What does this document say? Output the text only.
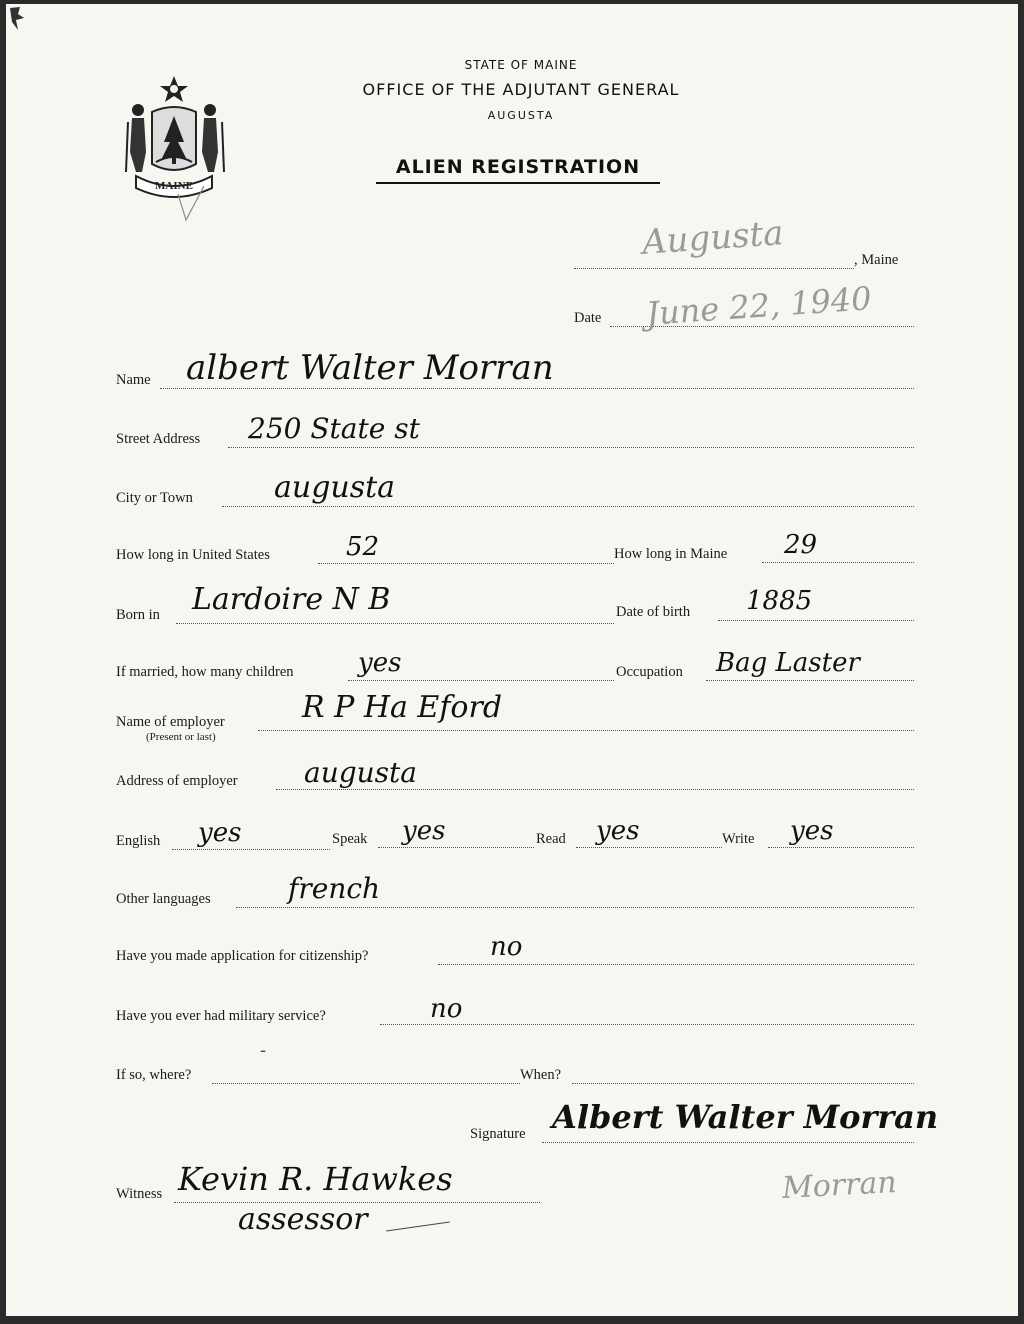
MAINE
STATE OF MAINE
OFFICE OF THE ADJUTANT GENERAL
AUGUSTA
ALIEN REGISTRATION
Augusta	, Maine
Date June 22, 1940
Name albert Walter Morran
Street Address 250 State st
City or Town	augusta
How long in United States	52	How long in Maine 29
Born in Lardoire N B	Date of birth 1885
If married, how many children yes	Occupation Bag Laster
Name of employer
(Present or last)
R P Ha Eford
Address of employer augusta
English yes	Speak yes	Read yes	Write yes
Other languages	french
Have you made application for citizenship?	no
Have you ever had military service?	no
If so, where?
-
When?
Signature Albert Walter Morran
Witness Kevin R. Hawkes
assessor
Morran
